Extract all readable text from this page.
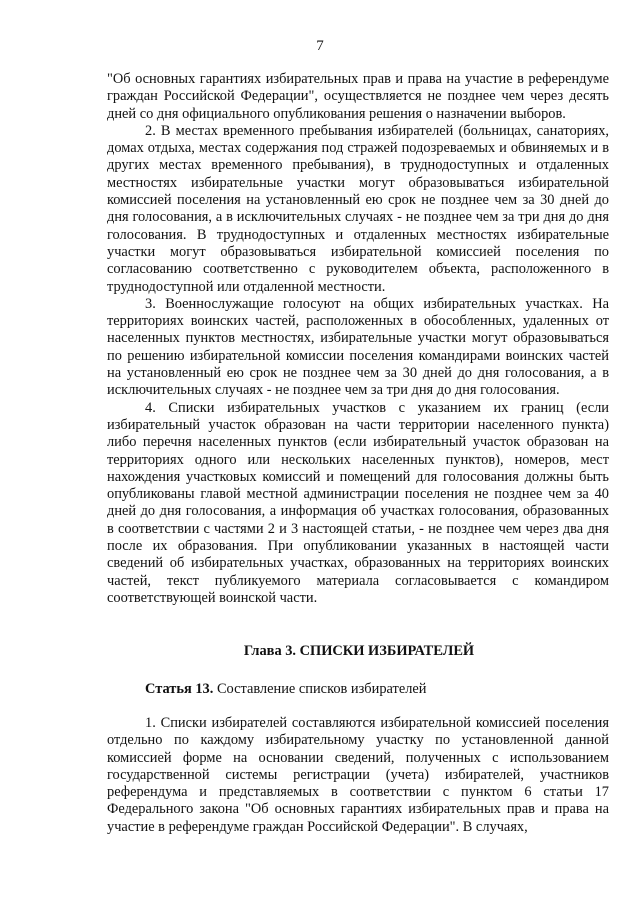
7

"Об основных гарантиях избирательных прав и права на участие в референдуме граждан Российской Федерации", осуществляется не позднее чем через десять дней со дня официального опубликования решения о назначении выборов.

2. В местах временного пребывания избирателей (больницах, санаториях, домах отдыха, местах содержания под стражей подозреваемых и обвиняемых и в других местах временного пребывания), в труднодоступных и отдаленных местностях избирательные участки могут образовываться избирательной комиссией поселения на установленный ею срок не позднее чем за 30 дней до дня голосования, а в исключительных случаях - не позднее чем за три дня до дня голосования. В труднодоступных и отдаленных местностях избирательные участки могут образовываться избирательной комиссией поселения по согласованию соответственно с руководителем объекта, расположенного в труднодоступной или отдаленной местности.

3. Военнослужащие голосуют на общих избирательных участках. На территориях воинских частей, расположенных в обособленных, удаленных от населенных пунктов местностях, избирательные участки могут образовываться по решению избирательной комиссии поселения командирами воинских частей на установленный ею срок не позднее чем за 30 дней до дня голосования, а в исключительных случаях - не позднее чем за три дня до дня голосования.

4. Списки избирательных участков с указанием их границ (если избирательный участок образован на части территории населенного пункта) либо перечня населенных пунктов (если избирательный участок образован на территориях одного или нескольких населенных пунктов), номеров, мест нахождения участковых комиссий и помещений для голосования должны быть опубликованы главой местной администрации поселения не позднее чем за 40 дней до дня голосования, а информация об участках голосования, образованных в соответствии с частями 2 и 3 настоящей статьи, - не позднее чем через два дня после их образования. При опубликовании указанных в настоящей части сведений об избирательных участках, образованных на территориях воинских частей, текст публикуемого материала согласовывается с командиром соответствующей воинской части.

Глава 3. СПИСКИ ИЗБИРАТЕЛЕЙ
Статья 13. Составление списков избирателей

1. Списки избирателей составляются избирательной комиссией поселения отдельно по каждому избирательному участку по установленной данной комиссией форме на основании сведений, полученных с использованием государственной системы регистрации (учета) избирателей, участников референдума и представляемых в соответствии с пунктом 6 статьи 17 Федерального закона "Об основных гарантиях избирательных прав и права на участие в референдуме граждан Российской Федерации". В случаях,
